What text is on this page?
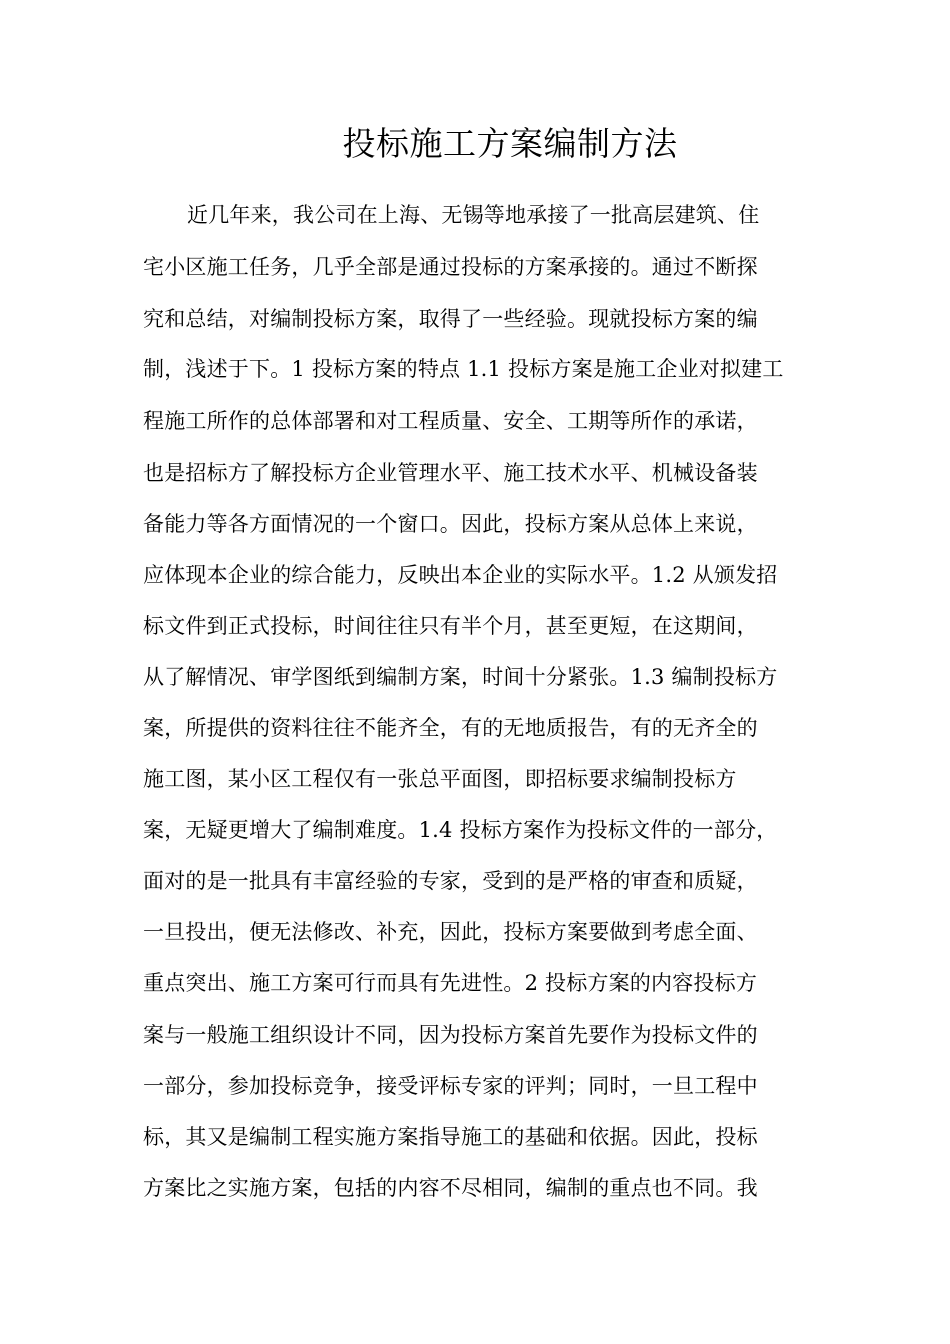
投标施工方案编制方法
近几年来，我公司在上海、无锡等地承接了一批高层建筑、住
宅小区施工任务，几乎全部是通过投标的方案承接的。通过不断探
究和总结，对编制投标方案，取得了一些经验。现就投标方案的编
制，浅述于下。1 投标方案的特点 1.1 投标方案是施工企业对拟建工
程施工所作的总体部署和对工程质量、安全、工期等所作的承诺，
也是招标方了解投标方企业管理水平、施工技术水平、机械设备装
备能力等各方面情况的一个窗口。因此，投标方案从总体上来说，
应体现本企业的综合能力，反映出本企业的实际水平。1.2 从颁发招
标文件到正式投标，时间往往只有半个月，甚至更短，在这期间，
从了解情况、审学图纸到编制方案，时间十分紧张。1.3 编制投标方
案，所提供的资料往往不能齐全，有的无地质报告，有的无齐全的
施工图，某小区工程仅有一张总平面图，即招标要求编制投标方
案，无疑更增大了编制难度。1.4 投标方案作为投标文件的一部分，
面对的是一批具有丰富经验的专家，受到的是严格的审查和质疑，
一旦投出，便无法修改、补充，因此，投标方案要做到考虑全面、
重点突出、施工方案可行而具有先进性。2 投标方案的内容投标方
案与一般施工组织设计不同，因为投标方案首先要作为投标文件的
一部分，参加投标竞争，接受评标专家的评判；同时，一旦工程中
标，其又是编制工程实施方案指导施工的基础和依据。因此，投标
方案比之实施方案，包括的内容不尽相同，编制的重点也不同。我
